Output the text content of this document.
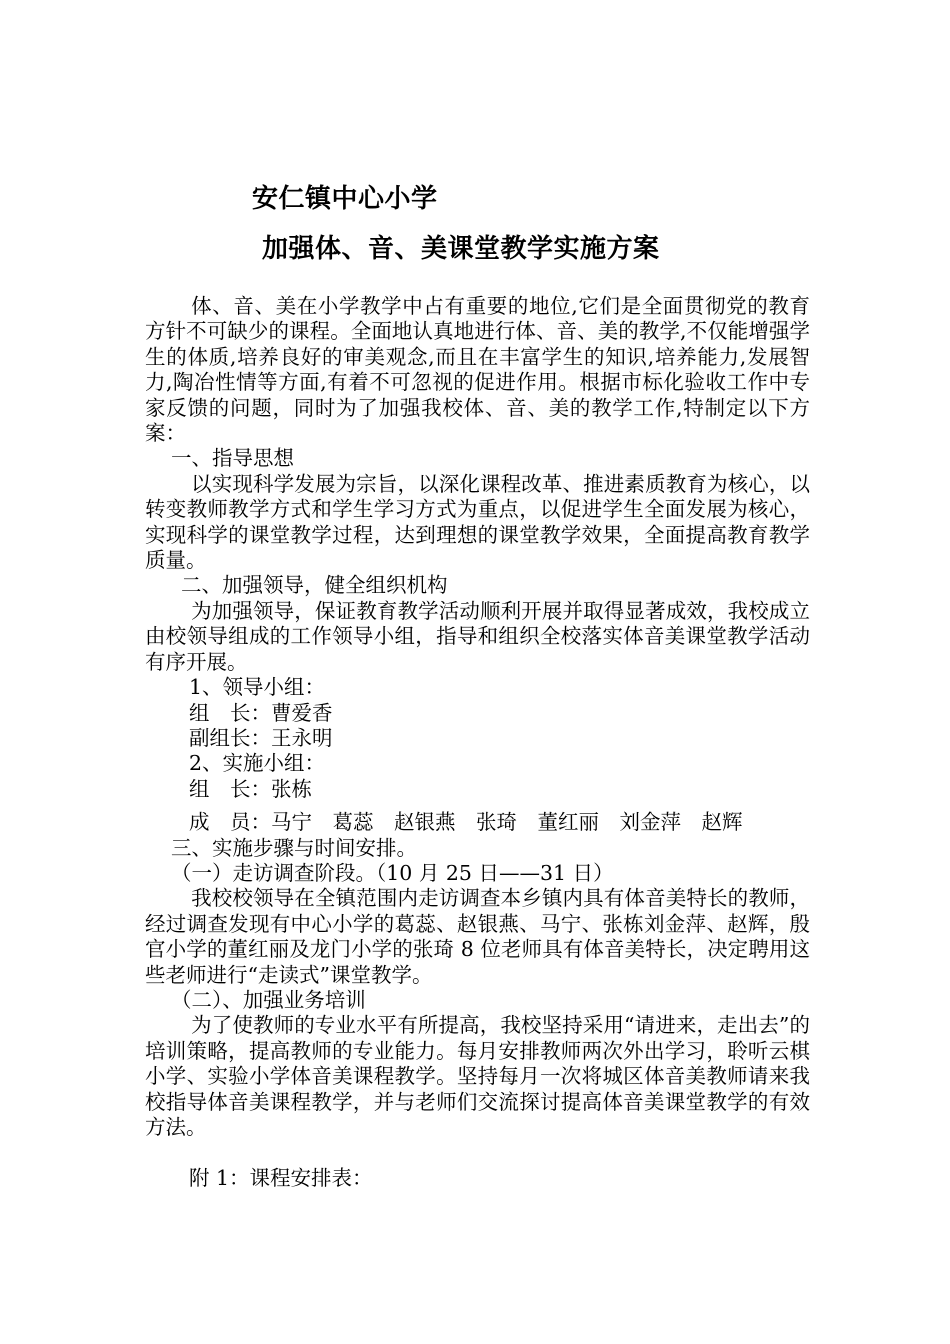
安仁镇中心小学
加强体、音、美课堂教学实施方案

体、音、美在小学教学中占有重要的地位,它们是全面贯彻党的教育方针不可缺少的课程。全面地认真地进行体、音、美的教学,不仅能增强学生的体质,培养良好的审美观念,而且在丰富学生的知识,培养能力,发展智力,陶冶性情等方面,有着不可忽视的促进作用。根据市标化验收工作中专家反馈的问题，同时为了加强我校体、音、美的教学工作,特制定以下方案：

一、指导思想

以实现科学发展为宗旨，以深化课程改革、推进素质教育为核心，以转变教师教学方式和学生学习方式为重点，以促进学生全面发展为核心，实现科学的课堂教学过程，达到理想的课堂教学效果，全面提高教育教学质量。

二、加强领导，健全组织机构

为加强领导，保证教育教学活动顺利开展并取得显著成效，我校成立由校领导组成的工作领导小组，指导和组织全校落实体音美课堂教学活动有序开展。

1、领导小组：

组　长：曹爱香

副组长：王永明

2、实施小组：

组　长：张栋

成　员：马宁　葛蕊　赵银燕　张琦　董红丽　刘金萍　赵辉

三、实施步骤与时间安排。

（一）走访调查阶段。（10 月 25 日——31 日）

我校校领导在全镇范围内走访调查本乡镇内具有体音美特长的教师，经过调查发现有中心小学的葛蕊、赵银燕、马宁、张栋刘金萍、赵辉，殷官小学的董红丽及龙门小学的张琦 8 位老师具有体音美特长，决定聘用这些老师进行“走读式”课堂教学。

（二）、加强业务培训

为了使教师的专业水平有所提高，我校坚持采用“请进来，走出去”的培训策略，提高教师的专业能力。每月安排教师两次外出学习，聆听云棋小学、实验小学体音美课程教学。坚持每月一次将城区体音美教师请来我校指导体音美课程教学，并与老师们交流探讨提高体音美课堂教学的有效方法。

附 1：课程安排表：
